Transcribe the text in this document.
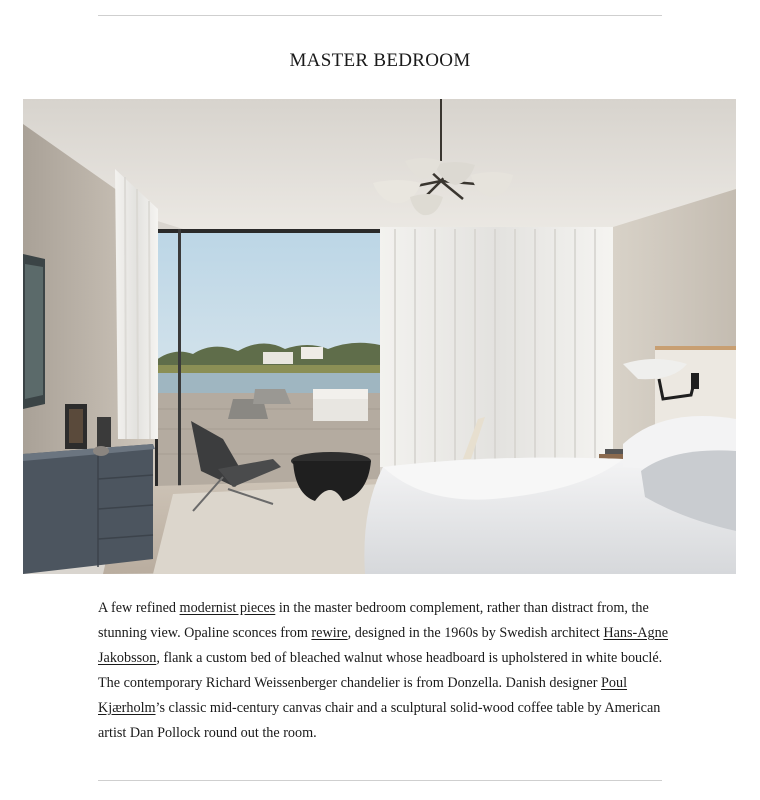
MASTER BEDROOM

A few refined modernist pieces in the master bedroom complement, rather than distract from, the stunning view. Opaline sconces from rewire, designed in the 1960s by Swedish architect Hans-Agne Jakobsson, flank a custom bed of bleached walnut whose headboard is upholstered in white bouclé. The contemporary Richard Weissenberger chandelier is from Donzella. Danish designer Poul Kjærholm’s classic mid-century canvas chair and a sculptural solid-wood coffee table by American artist Dan Pollock round out the room.
